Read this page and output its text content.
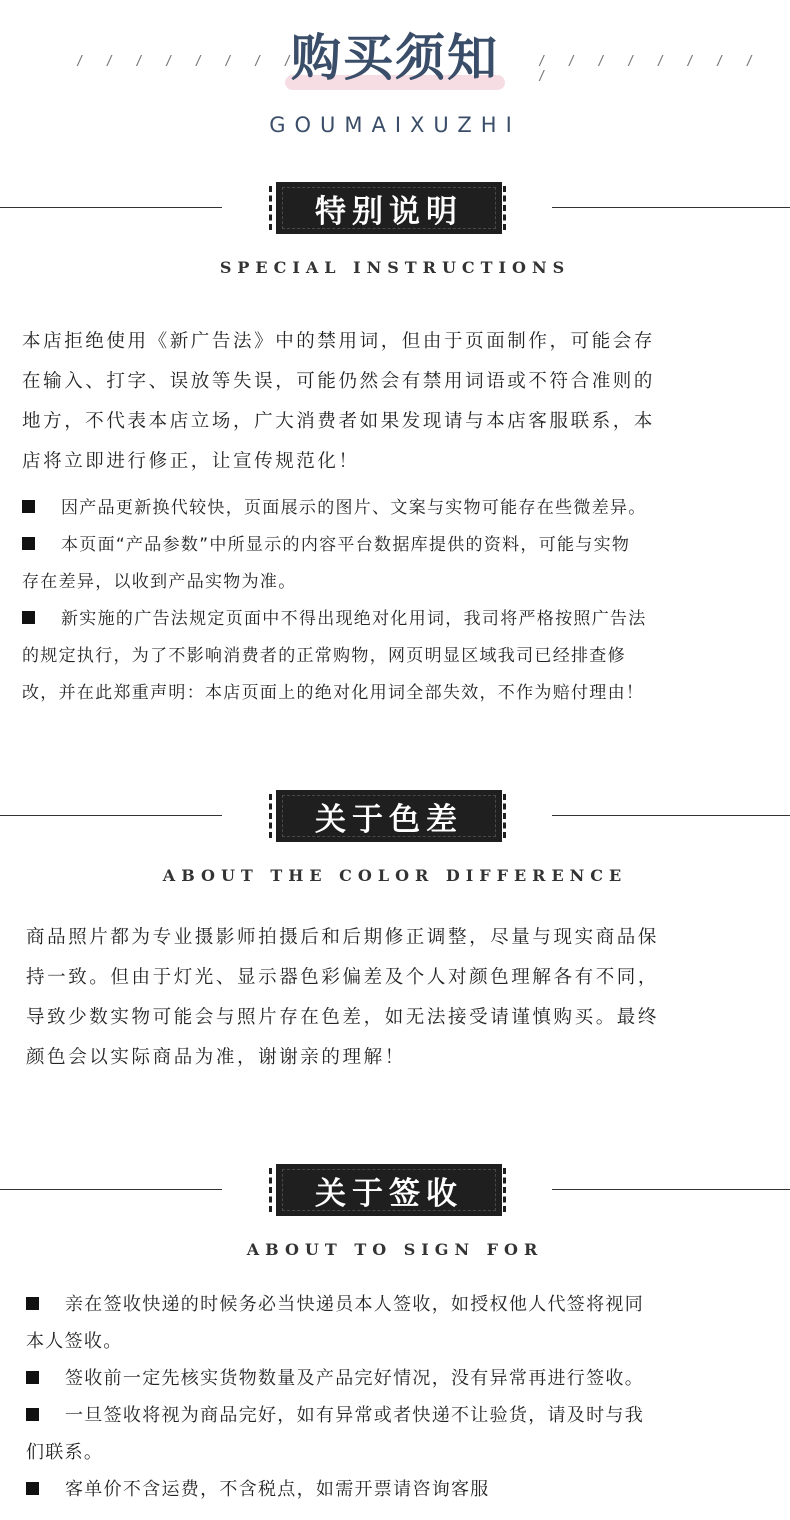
/ / / / / / / / /	/ / / / / / / / /
购买须知
GOUMAIXUZHI
特别说明
SPECIAL INSTRUCTIONS
本店拒绝使用《新广告法》中的禁用词，但由于页面制作，可能会存
在输入、打字、误放等失误，可能仍然会有禁用词语或不符合准则的
地方，不代表本店立场，广大消费者如果发现请与本店客服联系，本
店将立即进行修正，让宣传规范化！
因产品更新换代较快，页面展示的图片、文案与实物可能存在些微差异。
本页面“产品参数”中所显示的内容平台数据库提供的资料，可能与实物
存在差异，以收到产品实物为准。
新实施的广告法规定页面中不得出现绝对化用词，我司将严格按照广告法
的规定执行，为了不影响消费者的正常购物，网页明显区域我司已经排查修
改，并在此郑重声明：本店页面上的绝对化用词全部失效，不作为赔付理由！
关于色差
ABOUT THE COLOR DIFFERENCE
商品照片都为专业摄影师拍摄后和后期修正调整，尽量与现实商品保
持一致。但由于灯光、显示器色彩偏差及个人对颜色理解各有不同，
导致少数实物可能会与照片存在色差，如无法接受请谨慎购买。最终
颜色会以实际商品为准，谢谢亲的理解！
关于签收
ABOUT TO SIGN FOR
亲在签收快递的时候务必当快递员本人签收，如授权他人代签将视同
本人签收。
签收前一定先核实货物数量及产品完好情况，没有异常再进行签收。
一旦签收将视为商品完好，如有异常或者快递不让验货，请及时与我
们联系。
客单价不含运费，不含税点，如需开票请咨询客服
